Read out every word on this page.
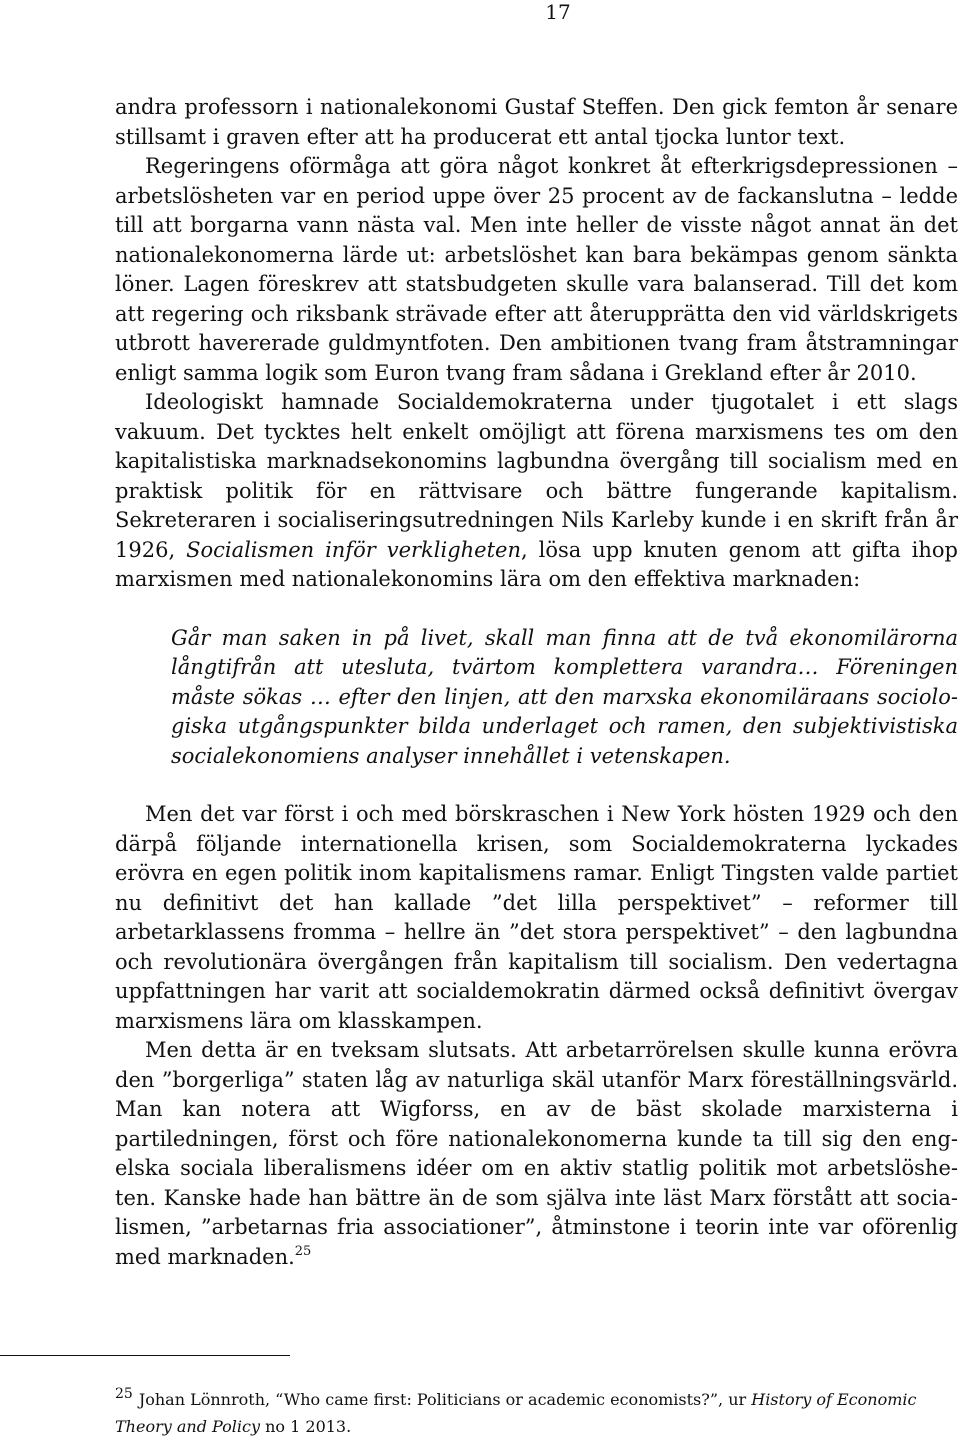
17

andra professorn i nationalekonomi Gustaf Steffen. Den gick femton år senare stillsamt i graven efter att ha producerat ett antal tjocka luntor text.

Regeringens oförmåga att göra något konkret åt efterkrigsdepressionen – arbetslösheten var en period uppe över 25 procent av de fackanslutna – ledde till att borgarna vann nästa val. Men inte heller de visste något annat än det nationalekonomerna lärde ut: arbetslöshet kan bara bekämpas genom sänkta löner. Lagen föreskrev att statsbudgeten skulle vara balanserad. Till det kom att regering och riksbank strävade efter att återupprätta den vid världskrigets utbrott havererade guldmyntfoten. Den ambitionen tvang fram åtstramningar enligt samma logik som Euron tvang fram sådana i Grekland efter år 2010.

Ideologiskt hamnade Socialdemokraterna under tjugotalet i ett slags vakuum. Det tycktes helt enkelt omöjligt att förena marxismens tes om den kapitalistiska marknadsekonomins lagbundna övergång till socialism med en praktisk politik för en rättvisare och bättre fungerande kapitalism. Sekreteraren i socialiseringsutredningen Nils Karleby kunde i en skrift från år 1926, Socialismen inför verkligheten, lösa upp knuten genom att gifta ihop marxismen med nationalekonomins lära om den effektiva marknaden:

Går man saken in på livet, skall man finna att de två ekonomilärorna långtifrån att utesluta, tvärtom komplettera varandra… Föreningen måste sökas … efter den linjen, att den marxska ekonomiläraans sociologiska utgångspunkter bilda underlaget och ramen, den subjektivistiska socialekonomiens analyser innehållet i vetenskapen.

Men det var först i och med börskraschen i New York hösten 1929 och den därpå följande internationella krisen, som Socialdemokraterna lyckades erövra en egen politik inom kapitalismens ramar. Enligt Tingsten valde partiet nu definitivt det han kallade ”det lilla perspektivet” – reformer till arbetarklassens fromma – hellre än ”det stora perspektivet” – den lagbundna och revolutionära övergången från kapitalism till socialism. Den vedertagna uppfattningen har varit att socialdemokratin därmed också definitivt övergav marxismens lära om klasskampen.

Men detta är en tveksam slutsats. Att arbetarrörelsen skulle kunna erövra den ”borgerliga” staten låg av naturliga skäl utanför Marx föreställningsvärld. Man kan notera att Wigforss, en av de bäst skolade marxisterna i partiledningen, först och före nationalekonomerna kunde ta till sig den engelska sociala liberalismens idéer om en aktiv statlig politik mot arbetslösheten. Kanske hade han bättre än de som själva inte läst Marx förstått att socialismen, ”arbetarnas fria associationer”, åtminstone i teorin inte var oförenlig med marknaden.$^{25}$

$^{25}$ Johan Lönnroth, “Who came first: Politicians or academic economists?”, ur History of Economic Theory and Policy no 1 2013.
